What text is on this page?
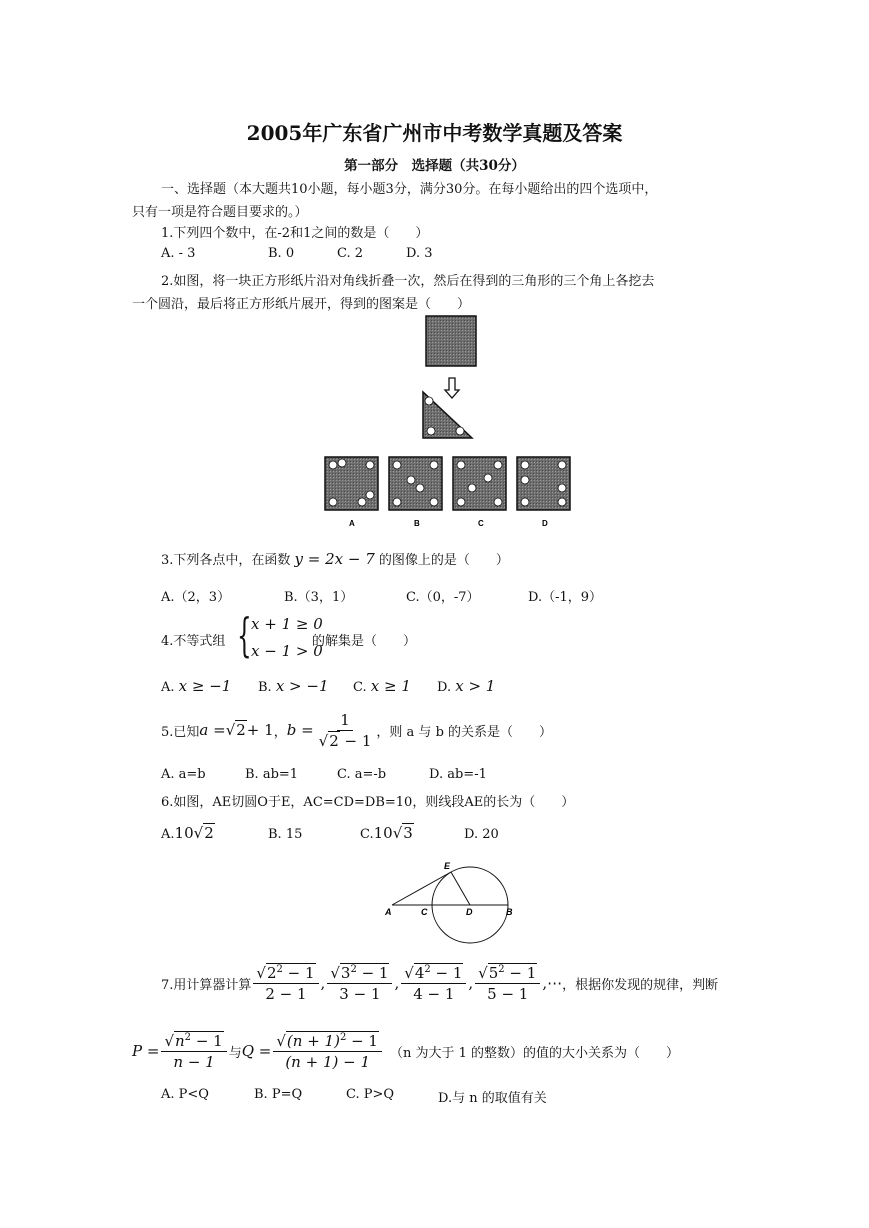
2005年广东省广州市中考数学真题及答案
第一部分　选择题（共30分）
一、选择题（本大题共10小题，每小题3分，满分30分。在每小题给出的四个选项中，
只有一项是符合题目要求的。）
1.下列四个数中，在-2和1之间的数是（　　）
A. - 3	B. 0	C. 2	D. 3
2.如图，将一块正方形纸片沿对角线折叠一次，然后在得到的三角形的三个角上各挖去
一个圆沿，最后将正方形纸片展开，得到的图案是（　　）
A	B	C	D
3.下列各点中，在函数 y = 2x − 7 的图像上的是（　　）
A.（2，3）	B.（3，1）	C.（0，-7）	D.（-1，9）
4.不等式组 { x + 1 ≥ 0
x − 1 > 0
的解集是（　　）
A. x ≥ −1 B. x > −1 C. x ≥ 1 D. x > 1
5.已知 a = √2 + 1 ， $b = \frac{1}{√2 - 1}$ ，则 a 与 b 的关系是（　　）
A. a=b	B. ab=1	C. a=-b	D. ab=-1
6.如图，AE切圆O于E，AC=CD=DB=10，则线段AE的长为（　　）
A.10√2	B. 15	C.10√3	D. 20
E
A	C	D	B
7.用计算器计算 $\frac{√2^2 - 1}{2 - 1}$ , $\frac{√3^2 - 1}{3 - 1}$ , $\frac{√4^2 - 1}{4 - 1}$ , $\frac{√5^2 - 1}{5 - 1}$ ,⋯ ，根据你发现的规律，判断
$P = \frac{√n^2 - 1}{n - 1}$ 与 $Q = \frac{√(n + 1)^2 - 1}{(n + 1) - 1} (n$ 为大于 1 的整数）的值的大小关系为（　　）
A. P<Q	B. P=Q	C. P>Q	D.与 n 的取值有关
